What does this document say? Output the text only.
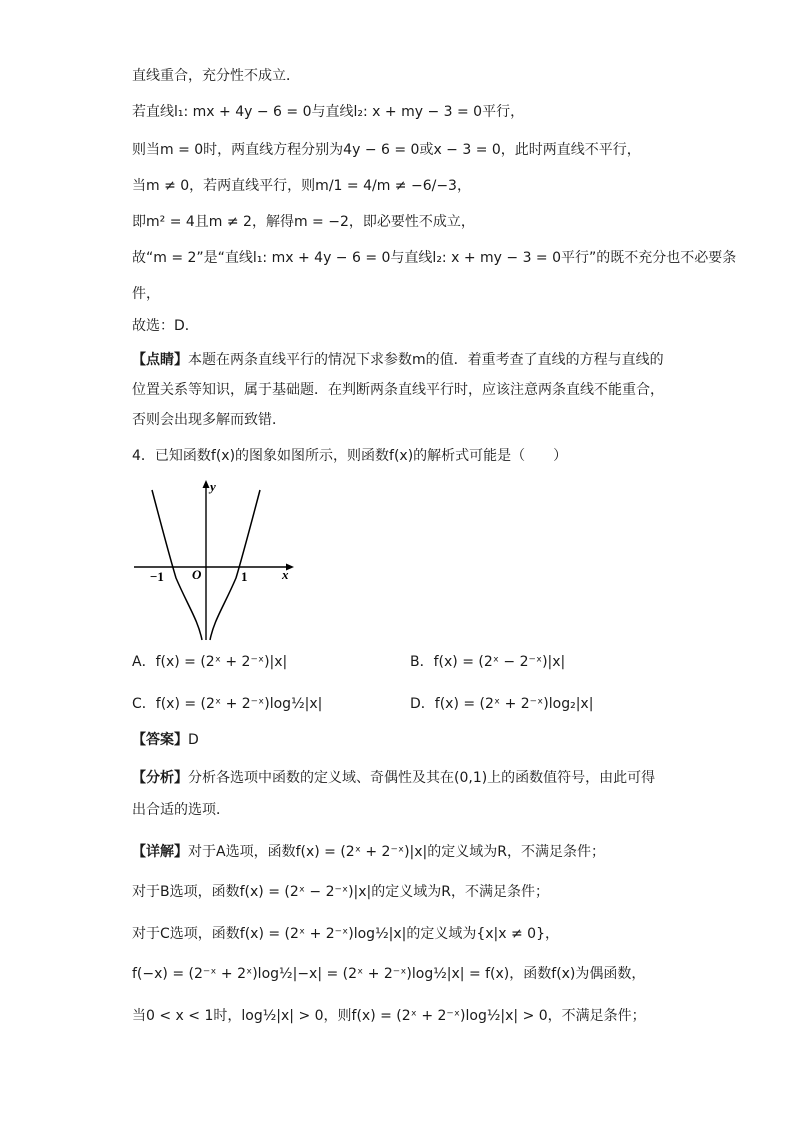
直线重合，充分性不成立．
若直线l₁: mx + 4y − 6 = 0与直线l₂: x + my − 3 = 0平行，
则当m = 0时，两直线方程分别为4y − 6 = 0或x − 3 = 0，此时两直线不平行，
当m ≠ 0，若两直线平行，则m/1 = 4/m ≠ −6/−3，
即m² = 4且m ≠ 2，解得m = −2，即必要性不成立，
故“m = 2”是“直线l₁: mx + 4y − 6 = 0与直线l₂: x + my − 3 = 0平行”的既不充分也不必要条
件，
故选：D．
【点睛】本题在两条直线平行的情况下求参数m的值．着重考查了直线的方程与直线的
位置关系等知识，属于基础题．在判断两条直线平行时，应该注意两条直线不能重合，
否则会出现多解而致错．
4．已知函数f(x)的图象如图所示，则函数f(x)的解析式可能是（　　）
y
x
O
−1	1
A．f(x) = (2ˣ + 2⁻ˣ)|x|	B．f(x) = (2ˣ − 2⁻ˣ)|x|
C．f(x) = (2ˣ + 2⁻ˣ)log½|x|	D．f(x) = (2ˣ + 2⁻ˣ)log₂|x|
【答案】D
【分析】分析各选项中函数的定义域、奇偶性及其在(0,1)上的函数值符号，由此可得
出合适的选项．
【详解】对于A选项，函数f(x) = (2ˣ + 2⁻ˣ)|x|的定义域为R，不满足条件；
对于B选项，函数f(x) = (2ˣ − 2⁻ˣ)|x|的定义域为R，不满足条件；
对于C选项，函数f(x) = (2ˣ + 2⁻ˣ)log½|x|的定义域为{x|x ≠ 0}，
f(−x) = (2⁻ˣ + 2ˣ)log½|−x| = (2ˣ + 2⁻ˣ)log½|x| = f(x)，函数f(x)为偶函数，
当0 < x < 1时，log½|x| > 0，则f(x) = (2ˣ + 2⁻ˣ)log½|x| > 0，不满足条件；
